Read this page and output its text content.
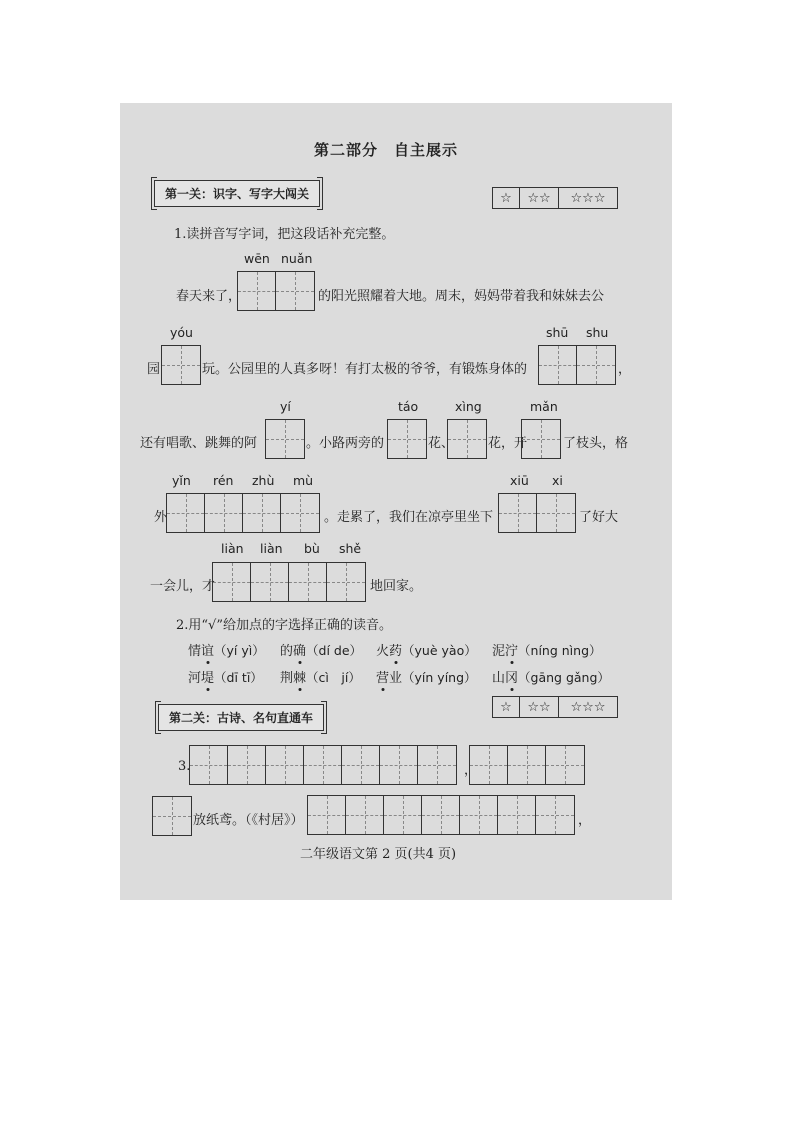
第二部分　自主展示
第一关：识字、写字大闯关	☆	☆☆	☆☆☆
1.读拼音写字词，把这段话补充完整。
wēn nuǎn
春天来了，	的阳光照耀着大地。周末，妈妈带着我和妹妹去公
yóu	shū shu
园	玩。公园里的人真多呀！有打太极的爷爷，有锻炼身体的	，
yí	táo	xìng	mǎn
还有唱歌、跳舞的阿	。小路两旁的	花、	花，开	了枝头，格
yǐn rén zhù mù	xiū xi
外	。走累了，我们在凉亭里坐下	了好大
liàn liàn bù shě
一会儿，才	地回家。
2.用“√”给加点的字选择正确的读音。
情谊（yí yì） 的确（dí de） 火药（yuè yào） 泥泞（níng nìng）
河堤（dī tī） 荆棘（cì　jí） 营业（yín yíng） 山冈（gāng gǎng）
第二关：古诗、名句直通车
☆	☆☆	☆☆☆
3.	，
放纸鸢。（《村居》）	，
二年级语文第 2 页(共4 页)
